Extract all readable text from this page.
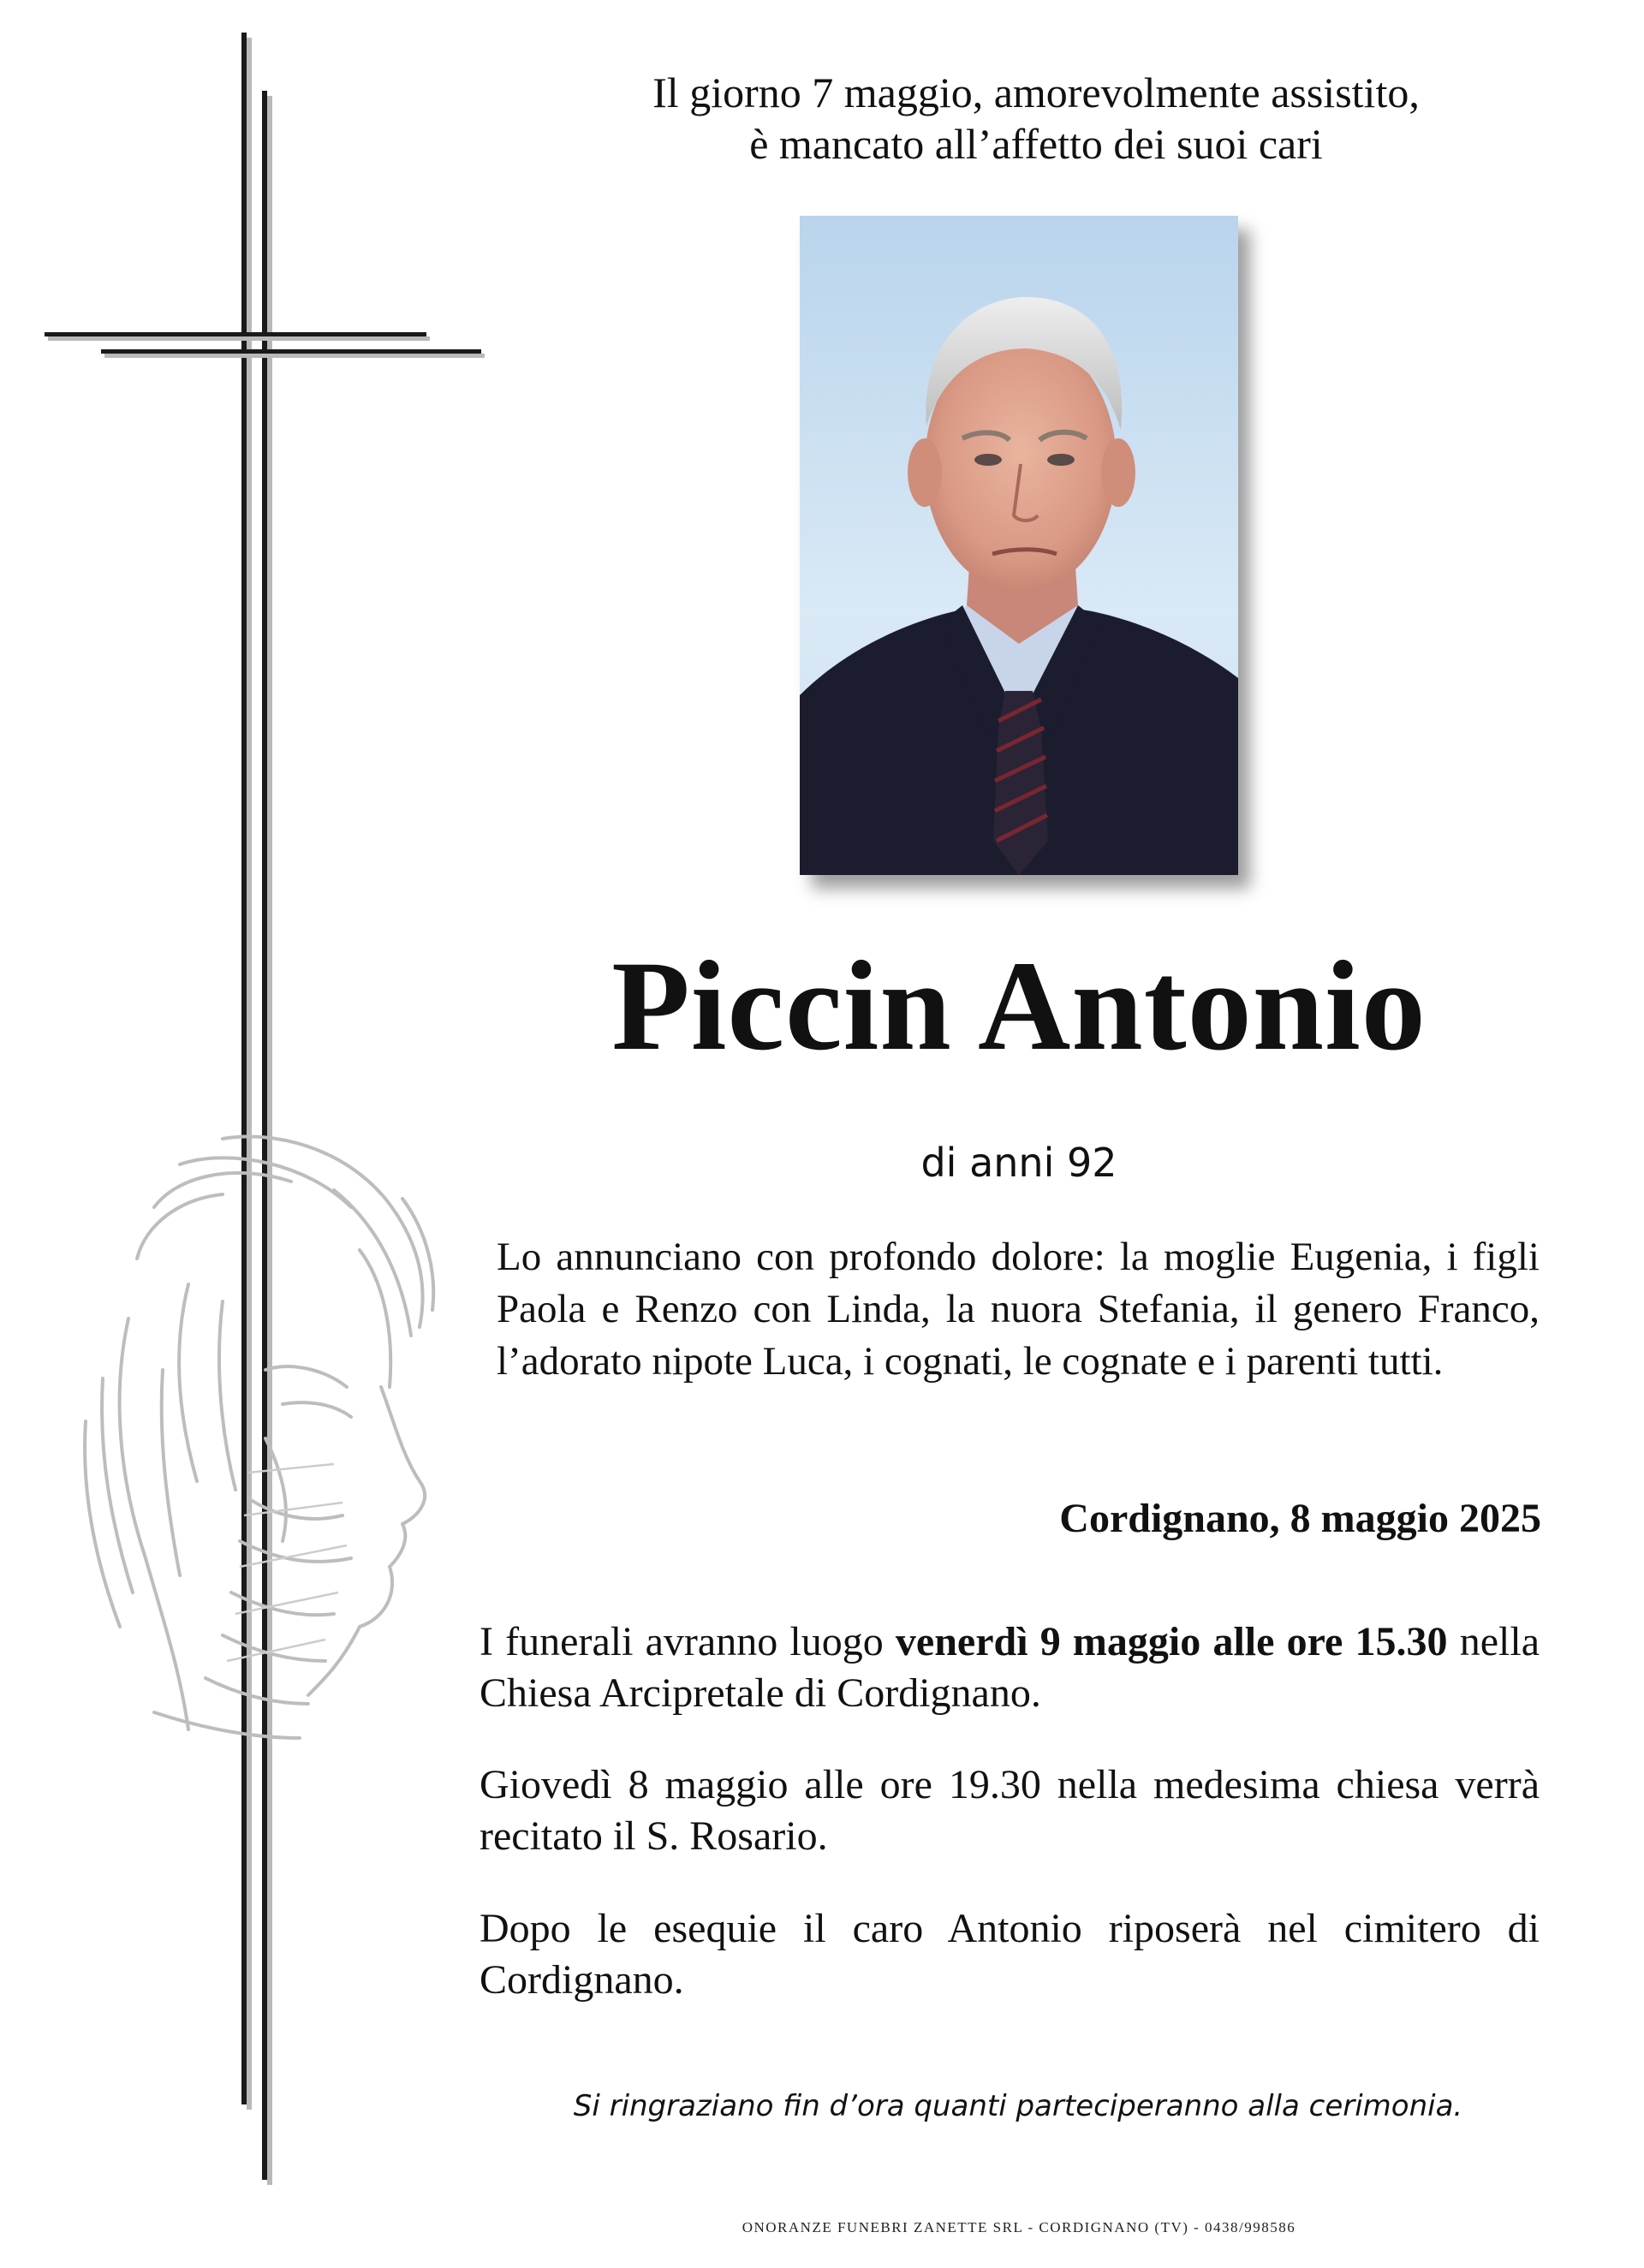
Il giorno 7 maggio, amorevolmente assistito,
è mancato all’affetto dei suoi cari
Piccin Antonio
di anni 92
Lo annunciano con profondo dolore: la moglie Eugenia, i figli Paola e Renzo con Linda, la nuora Stefania, il genero Franco, l’adorato nipote Luca, i cognati, le cognate e i parenti tutti.
Cordignano, 8 maggio 2025
I funerali avranno luogo venerdì 9 maggio alle ore 15.30 nella Chiesa Arcipretale di Cordignano.
Giovedì 8 maggio alle ore 19.30 nella medesima chiesa verrà recitato il S. Rosario.
Dopo le esequie il caro Antonio riposerà nel cimitero di Cordignano.
Si ringraziano fin d’ora quanti parteciperanno alla cerimonia.
ONORANZE FUNEBRI ZANETTE SRL - CORDIGNANO (TV) - 0438/998586
